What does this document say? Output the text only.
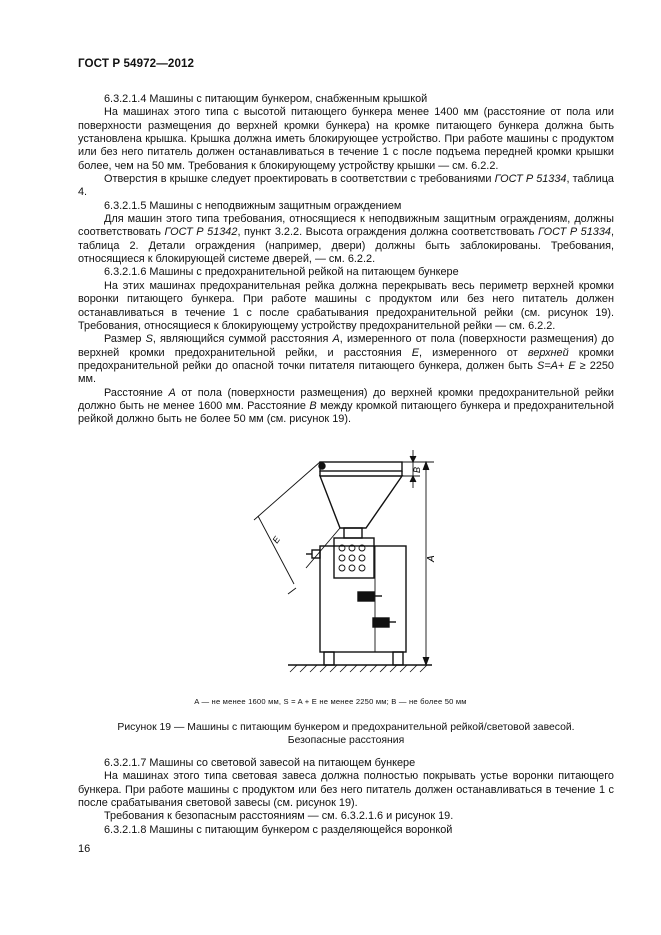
ГОСТ Р 54972—2012

6.3.2.1.4 Машины с питающим бункером, снабженным крышкой

На машинах этого типа с высотой питающего бункера менее 1400 мм (расстояние от пола или поверхности размещения до верхней кромки бункера) на кромке питающего бункера должна быть установлена крышка. Крышка должна иметь блокирующее устройство. При работе машины с продуктом или без него питатель должен останавливаться в течение 1 с после подъема передней кромки крышки более, чем на 50 мм. Требования к блокирующему устройству крышки — см. 6.2.2.

Отверстия в крышке следует проектировать в соответствии с требованиями ГОСТ Р 51334, таблица 4.

6.3.2.1.5 Машины с неподвижным защитным ограждением

Для машин этого типа требования, относящиеся к неподвижным защитным ограждениям, должны соответствовать ГОСТ Р 51342, пункт 3.2.2. Высота ограждения должна соответствовать ГОСТ Р 51334, таблица 2. Детали ограждения (например, двери) должны быть заблокированы. Требования, относящиеся к блокирующей системе дверей, — см. 6.2.2.

6.3.2.1.6 Машины с предохранительной рейкой на питающем бункере

На этих машинах предохранительная рейка должна перекрывать весь периметр верхней кромки воронки питающего бункера. При работе машины с продуктом или без него питатель должен останавливаться в течение 1 с после срабатывания предохранительной рейки (см. рисунок 19). Требования, относящиеся к блокирующему устройству предохранительной рейки — см. 6.2.2.

Размер S, являющийся суммой расстояния А, измеренного от пола (поверхности размещения) до верхней кромки предохранительной рейки, и расстояния Е, измеренного от верхней кромки предохранительной рейки до опасной точки питателя питающего бункера, должен быть S=A+ E ≥ 2250 мм.

Расстояние А от пола (поверхности размещения) до верхней кромки предохранительной рейки должно быть не менее 1600 мм. Расстояние В между кромкой питающего бункера и предохранительной рейкой должно быть не более 50 мм (см. рисунок 19).

A
B
E
A — не менее 1600 мм, S = A + E не менее 2250 мм; B — не более 50 мм
Рисунок 19 — Машины с питающим бункером и предохранительной рейкой/световой завесой.
Безопасные расстояния

6.3.2.1.7 Машины со световой завесой на питающем бункере

На машинах этого типа световая завеса должна полностью покрывать устье воронки питающего бункера. При работе машины с продуктом или без него питатель должен останавливаться в течение 1 с после срабатывания световой завесы (см. рисунок 19).

Требования к безопасным расстояниям — см. 6.3.2.1.6 и рисунок 19.

6.3.2.1.8 Машины с питающим бункером с разделяющейся воронкой

16
